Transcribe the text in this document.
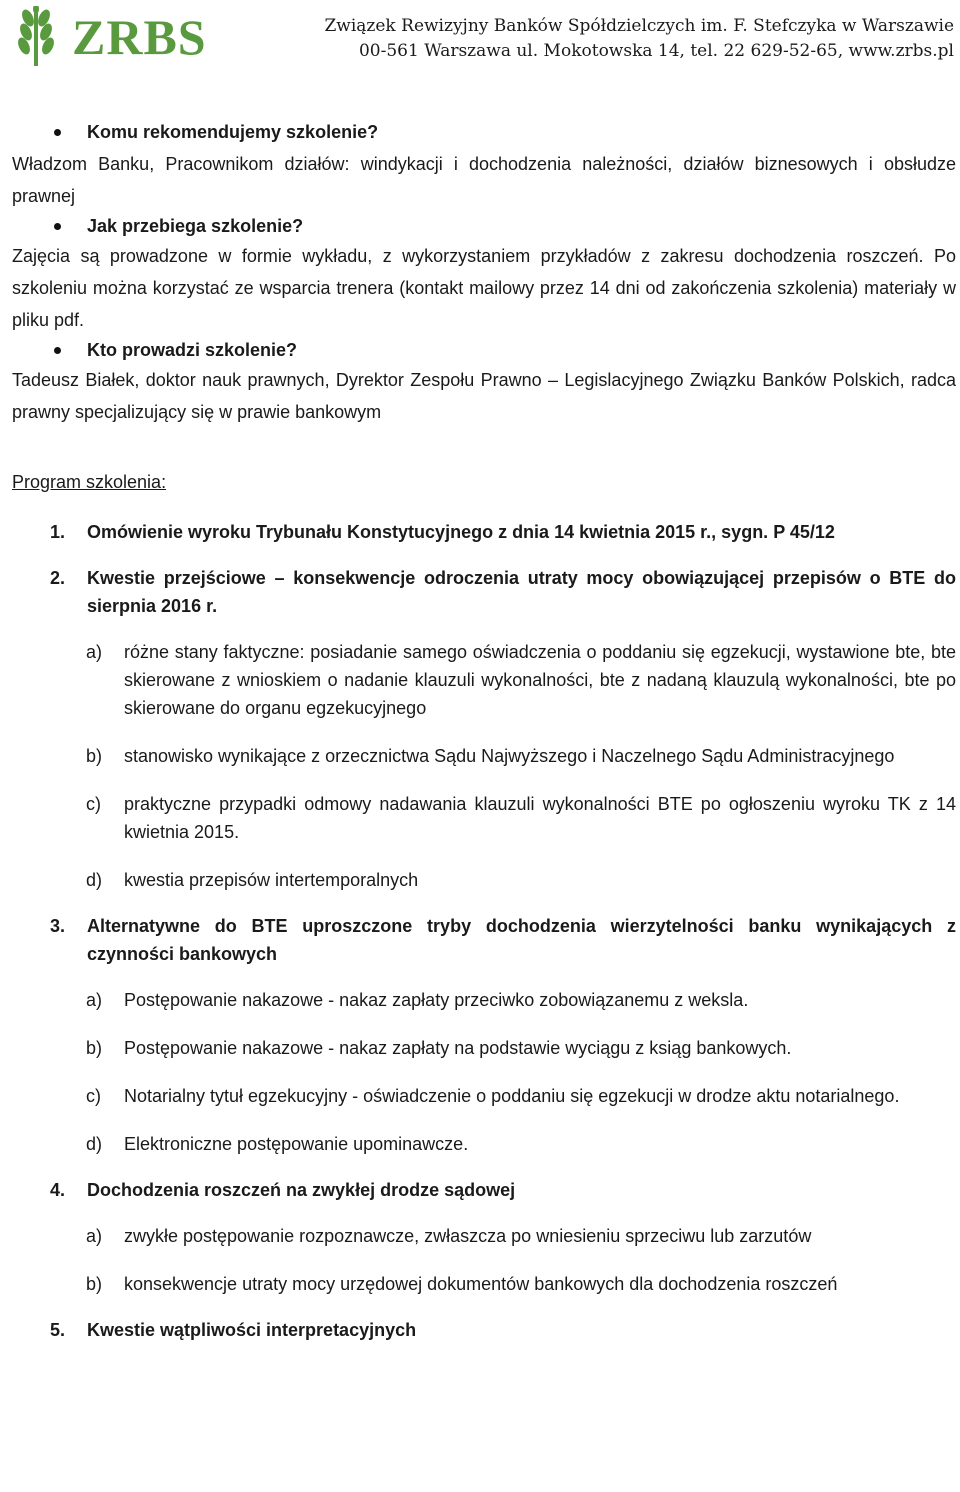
ZRBS	Związek Rewizyjny Banków Spółdzielczych im. F. Stefczyka w Warszawie
00-561 Warszawa ul. Mokotowska 14, tel. 22 629-52-65, www.zrbs.pl
Komu rekomendujemy szkolenie?

Władzom Banku, Pracownikom działów: windykacji i dochodzenia należności, działów biznesowych i obsłudze prawnej

Jak przebiega szkolenie?

Zajęcia są prowadzone w formie wykładu, z wykorzystaniem przykładów z zakresu dochodzenia roszczeń. Po szkoleniu można korzystać ze wsparcia trenera (kontakt mailowy przez 14 dni od zakończenia szkolenia) materiały w pliku pdf.

Kto prowadzi szkolenie?

Tadeusz Białek, doktor nauk prawnych, Dyrektor Zespołu Prawno – Legislacyjnego Związku Banków Polskich, radca prawny specjalizujący się w prawie bankowym

Program szkolenia:
1. Omówienie wyroku Trybunału Konstytucyjnego z dnia 14 kwietnia 2015 r., sygn. P 45/12
2. Kwestie przejściowe – konsekwencje odroczenia utraty mocy obowiązującej przepisów o BTE do sierpnia 2016 r.
a) różne stany faktyczne: posiadanie samego oświadczenia o poddaniu się egzekucji, wystawione bte, bte skierowane z wnioskiem o nadanie klauzuli wykonalności, bte z nadaną klauzulą wykonalności, bte po skierowane do organu egzekucyjnego
b) stanowisko wynikające z orzecznictwa Sądu Najwyższego i Naczelnego Sądu Administracyjnego
c) praktyczne przypadki odmowy nadawania klauzuli wykonalności BTE po ogłoszeniu wyroku TK z 14 kwietnia 2015.
d) kwestia przepisów intertemporalnych
3. Alternatywne do BTE uproszczone tryby dochodzenia wierzytelności banku wynikających z czynności bankowych
a) Postępowanie nakazowe - nakaz zapłaty przeciwko zobowiązanemu z weksla.
b) Postępowanie nakazowe - nakaz zapłaty na podstawie wyciągu z ksiąg bankowych.
c) Notarialny tytuł egzekucyjny - oświadczenie o poddaniu się egzekucji w drodze aktu notarialnego.
d) Elektroniczne postępowanie upominawcze.
4. Dochodzenia roszczeń na zwykłej drodze sądowej
a) zwykłe postępowanie rozpoznawcze, zwłaszcza po wniesieniu sprzeciwu lub zarzutów
b) konsekwencje utraty mocy urzędowej dokumentów bankowych dla dochodzenia roszczeń
5. Kwestie wątpliwości interpretacyjnych
